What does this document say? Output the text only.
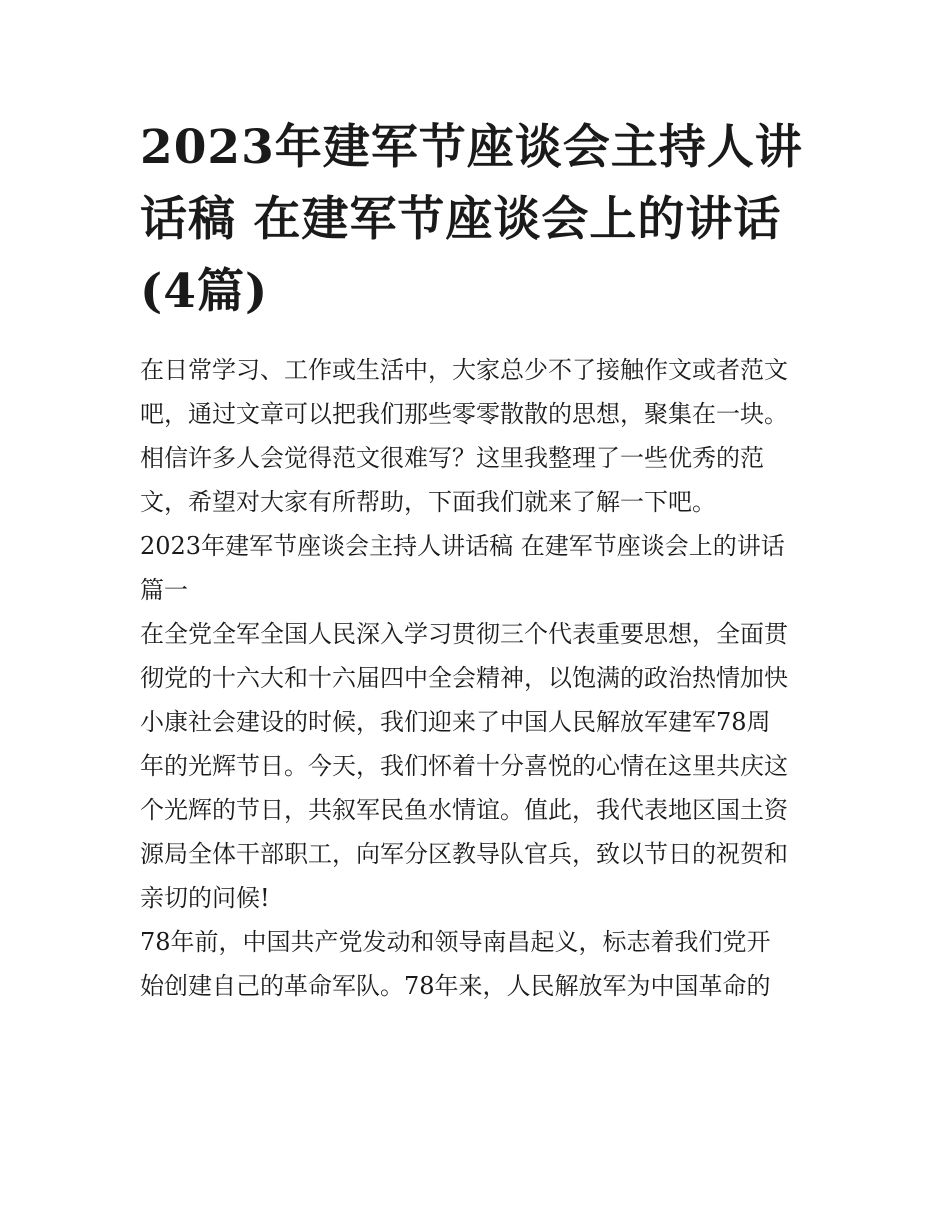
2023年建军节座谈会主持人讲
话稿 在建军节座谈会上的讲话
(4篇)

在日常学习、工作或生活中，大家总少不了接触作文或者范文
吧，通过文章可以把我们那些零零散散的思想，聚集在一块。
相信许多人会觉得范文很难写？这里我整理了一些优秀的范
文，希望对大家有所帮助，下面我们就来了解一下吧。

2023年建军节座谈会主持人讲话稿 在建军节座谈会上的讲话
篇一

在全党全军全国人民深入学习贯彻三个代表重要思想，全面贯
彻党的十六大和十六届四中全会精神，以饱满的政治热情加快
小康社会建设的时候，我们迎来了中国人民解放军建军78周
年的光辉节日。今天，我们怀着十分喜悦的心情在这里共庆这
个光辉的节日，共叙军民鱼水情谊。值此，我代表地区国土资
源局全体干部职工，向军分区教导队官兵，致以节日的祝贺和
亲切的问候!

78年前，中国共产党发动和领导南昌起义，标志着我们党开
始创建自己的革命军队。78年来，人民解放军为中国革命的
